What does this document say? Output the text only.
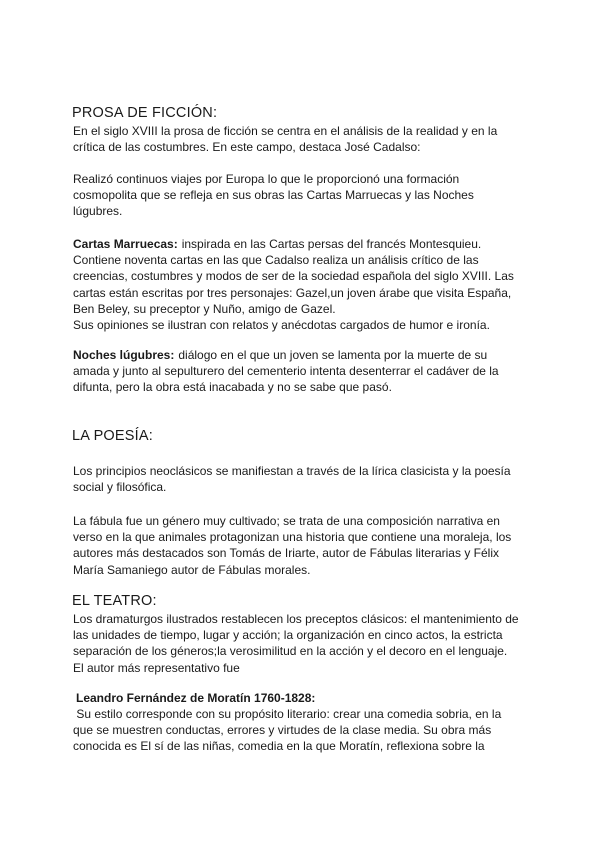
PROSA DE FICCIÓN:

En el siglo XVIII la prosa de ficción se centra en el análisis de la realidad y en la crítica de las costumbres. En este campo, destaca José Cadalso:

Realizó continuos viajes por Europa lo que le proporcionó una formación cosmopolita que se refleja en sus obras las Cartas Marruecas y las Noches lúgubres.

Cartas Marruecas: inspirada en las Cartas persas del francés Montesquieu. Contiene noventa cartas en las que Cadalso realiza un análisis crítico de las creencias, costumbres y modos de ser de la sociedad española del siglo XVIII. Las cartas están escritas por tres personajes: Gazel,un joven árabe que visita España, Ben Beley, su preceptor y Nuño, amigo de Gazel.

Sus opiniones se ilustran con relatos y anécdotas cargados de humor e ironía.

Noches lúgubres: diálogo en el que un joven se lamenta por la muerte de su amada y junto al sepulturero del cementerio intenta desenterrar el cadáver de la difunta, pero la obra está inacabada y no se sabe que pasó.

LA POESÍA:

Los principios neoclásicos se manifiestan a través de la lírica clasicista y la poesía social y filosófica.

La fábula fue un género muy cultivado; se trata de una composición narrativa en verso en la que animales protagonizan una historia que contiene una moraleja, los autores más destacados son Tomás de Iriarte, autor de Fábulas literarias y Félix María Samaniego autor de Fábulas morales.

EL TEATRO:

Los dramaturgos ilustrados restablecen los preceptos clásicos: el mantenimiento de las unidades de tiempo, lugar y acción; la organización en cinco actos, la estricta separación de los géneros;la verosimilitud en la acción y el decoro en el lenguaje. El autor más representativo fue

Leandro Fernández de Moratín 1760-1828:

Su estilo corresponde con su propósito literario: crear una comedia sobria, en la que se muestren conductas, errores y virtudes de la clase media. Su obra más conocida es El sí de las niñas, comedia en la que Moratín, reflexiona sobre la
